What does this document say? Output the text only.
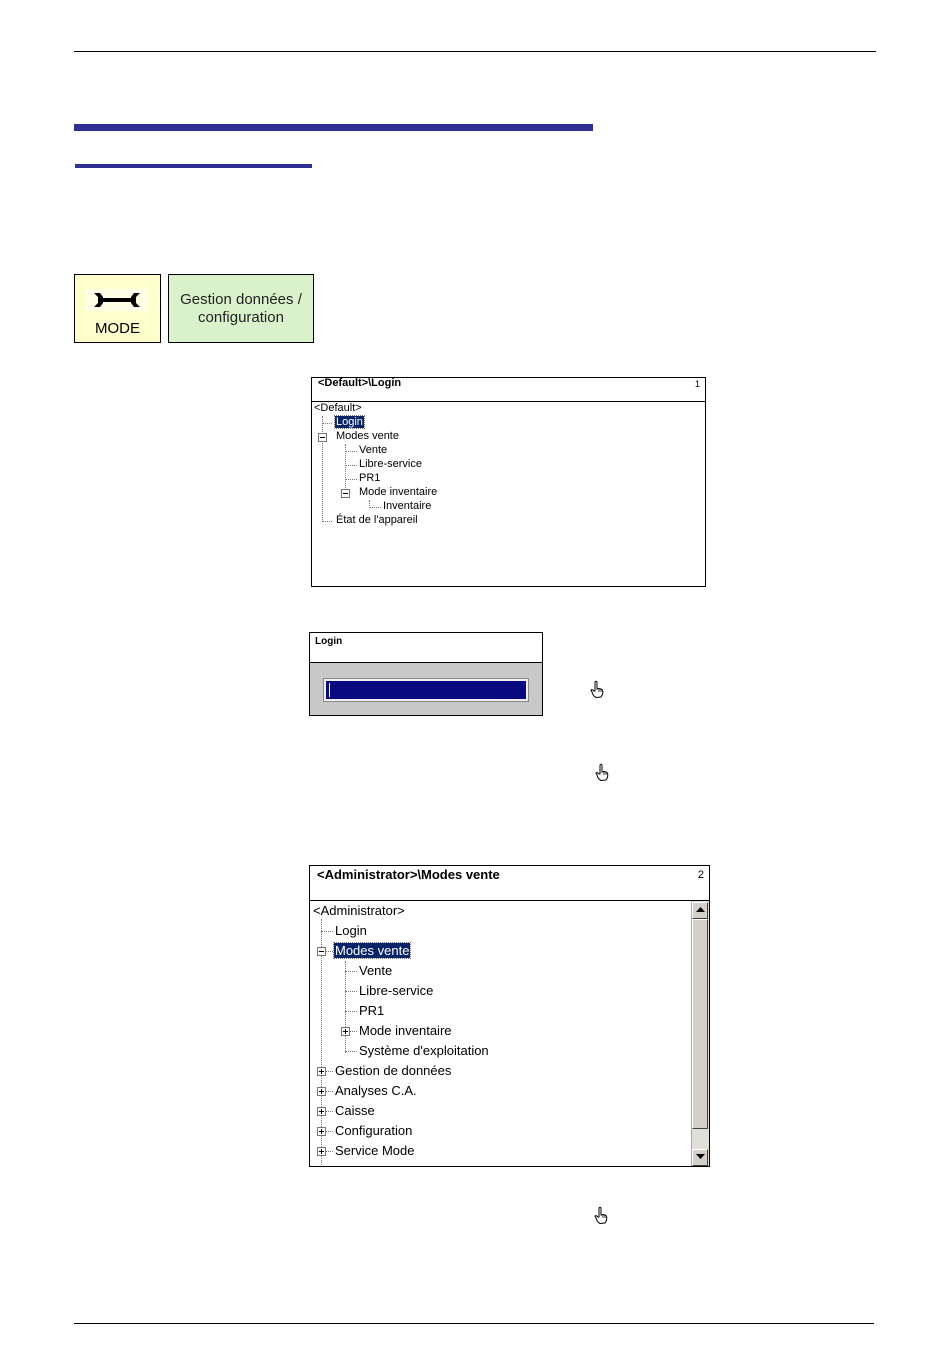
MODE
Gestion données / configuration
<Default>\Login	1
<Default>
Login
Modes vente
Vente
Libre-service
PR1
Mode inventaire
Inventaire
État de l'appareil
Login
<Administrator>\Modes vente	2
<Administrator>
Login
Modes vente
Vente
Libre-service
PR1
Mode inventaire
Système d'exploitation
Gestion de données
Analyses C.A.
Caisse
Configuration
Service Mode
